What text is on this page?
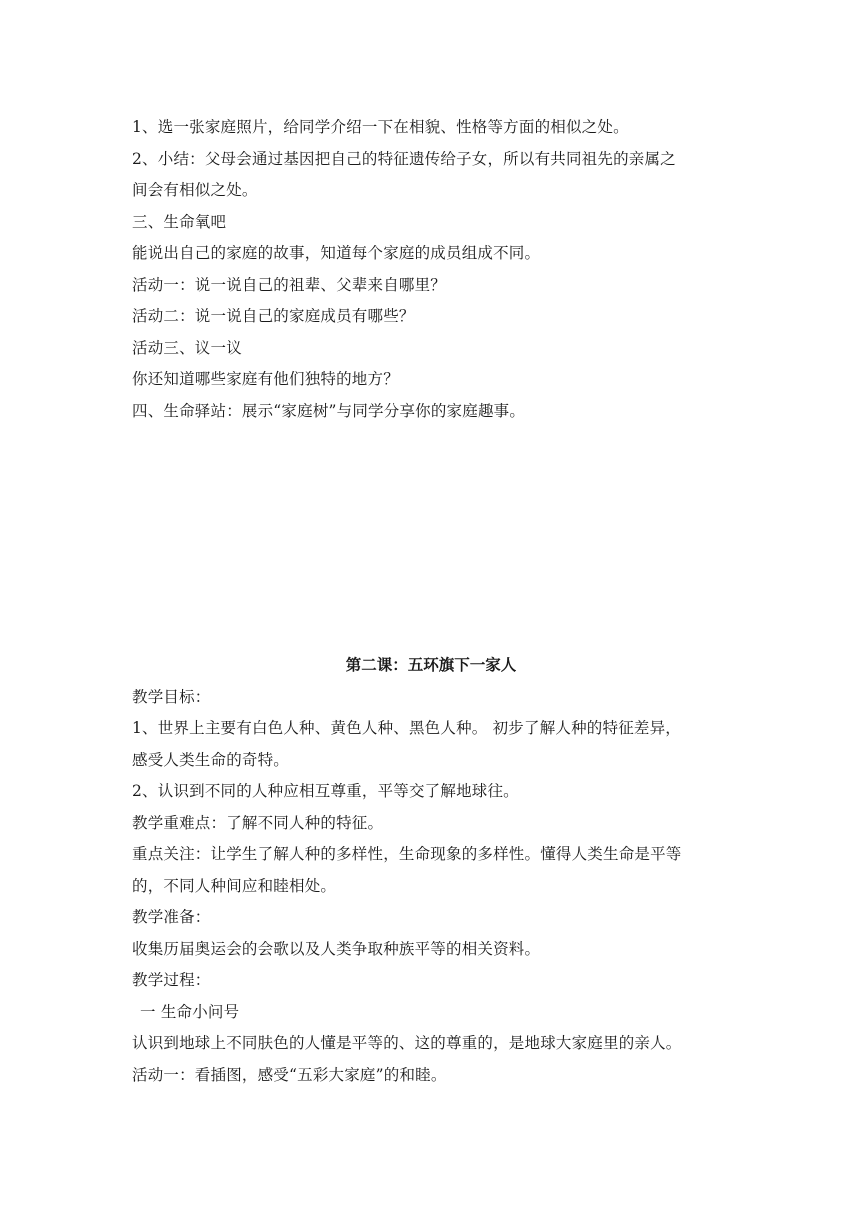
1、选一张家庭照片，给同学介绍一下在相貌、性格等方面的相似之处。

2、小结：父母会通过基因把自己的特征遗传给子女，所以有共同祖先的亲属之

间会有相似之处。

三、生命氧吧

能说出自己的家庭的故事，知道每个家庭的成员组成不同。

活动一：说一说自己的祖辈、父辈来自哪里？

活动二：说一说自己的家庭成员有哪些？

活动三、议一议

你还知道哪些家庭有他们独特的地方？

四、生命驿站：展示“家庭树”与同学分享你的家庭趣事。

第二课：五环旗下一家人

教学目标：

1、世界上主要有白色人种、黄色人种、黑色人种。 初步了解人种的特征差异，

感受人类生命的奇特。

2、认识到不同的人种应相互尊重，平等交了解地球往。

教学重难点：了解不同人种的特征。

重点关注：让学生了解人种的多样性，生命现象的多样性。懂得人类生命是平等

的，不同人种间应和睦相处。

教学准备：

收集历届奥运会的会歌以及人类争取种族平等的相关资料。

教学过程：

一 生命小问号

认识到地球上不同肤色的人懂是平等的、这的尊重的，是地球大家庭里的亲人。

活动一：看插图，感受“五彩大家庭”的和睦。
